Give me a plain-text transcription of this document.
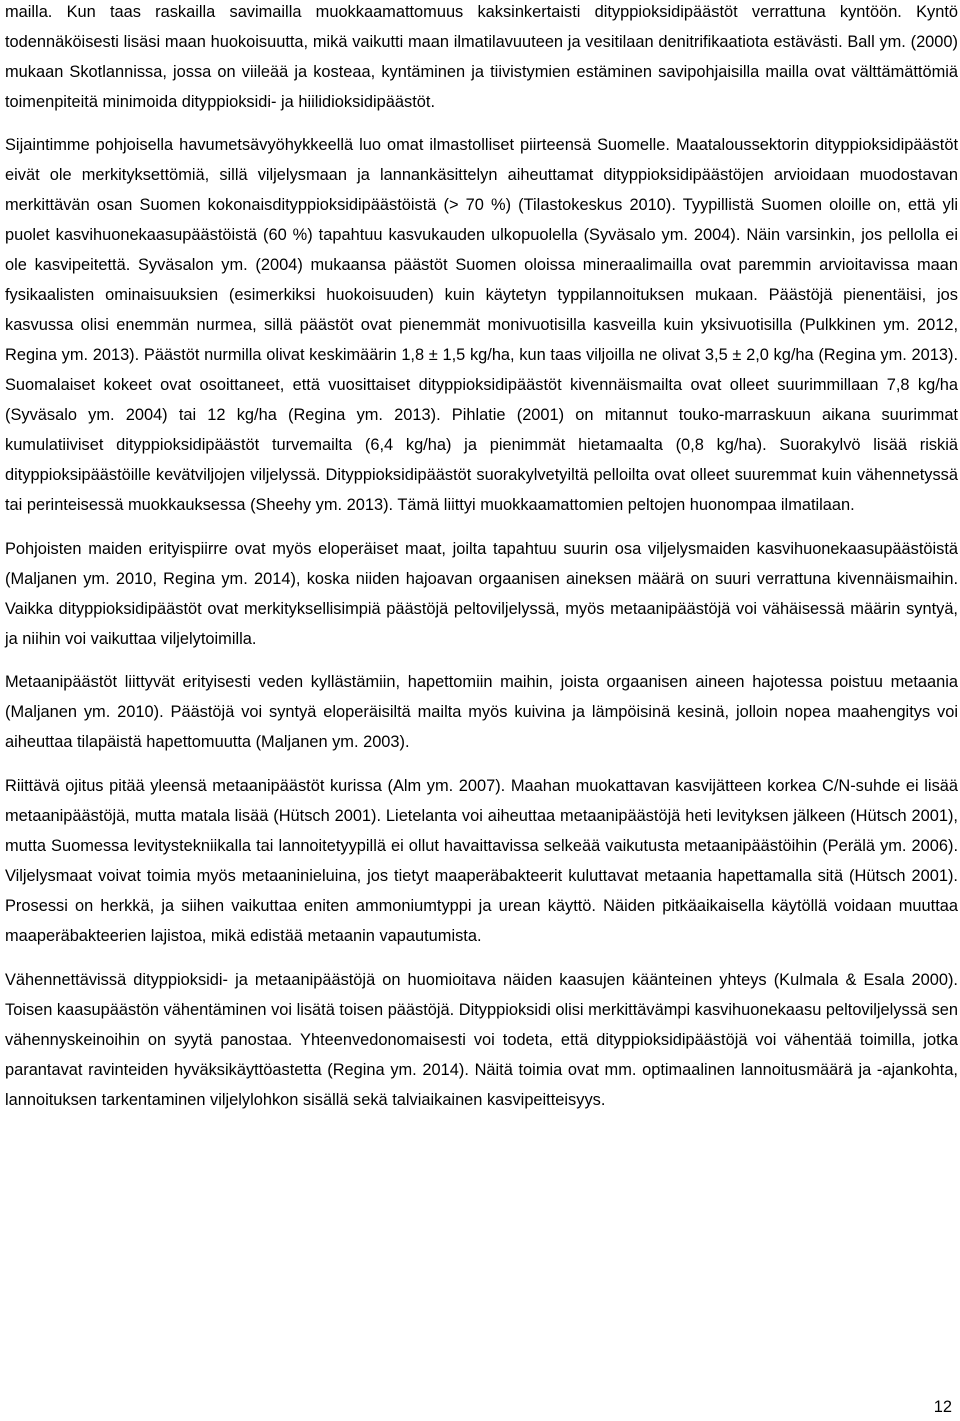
mailla. Kun taas raskailla savimailla muokkaamattomuus kaksinkertaisti dityppioksidipäästöt verrattuna kyntöön. Kyntö todennäköisesti lisäsi maan huokoisuutta, mikä vaikutti maan ilmatilavuuteen ja vesitilaan denitrifikaatiota estävästi. Ball ym. (2000) mukaan Skotlannissa, jossa on viileää ja kosteaa, kyntäminen ja tiivistymien estäminen savipohjaisilla mailla ovat välttämättömiä toimenpiteitä minimoida dityppioksidi- ja hiilidioksidipäästöt.

Sijaintimme pohjoisella havumetsävyöhykkeellä luo omat ilmastolliset piirteensä Suomelle. Maataloussektorin dityppioksidipäästöt eivät ole merkityksettömiä, sillä viljelysmaan ja lannankäsittelyn aiheuttamat dityppioksidipäästöjen arvioidaan muodostavan merkittävän osan Suomen kokonaisdityppioksidipäästöistä (> 70 %) (Tilastokeskus 2010). Tyypillistä Suomen oloille on, että yli puolet kasvihuonekaasupäästöistä (60 %) tapahtuu kasvukauden ulkopuolella (Syväsalo ym. 2004). Näin varsinkin, jos pellolla ei ole kasvipeitettä. Syväsalon ym. (2004) mukaansa päästöt Suomen oloissa mineraalimailla ovat paremmin arvioitavissa maan fysikaalisten ominaisuuksien (esimerkiksi huokoisuuden) kuin käytetyn typpilannoituksen mukaan. Päästöjä pienentäisi, jos kasvussa olisi enemmän nurmea, sillä päästöt ovat pienemmät monivuotisilla kasveilla kuin yksivuotisilla (Pulkkinen ym. 2012, Regina ym. 2013). Päästöt nurmilla olivat keskimäärin 1,8 ± 1,5 kg/ha, kun taas viljoilla ne olivat 3,5 ± 2,0 kg/ha (Regina ym. 2013). Suomalaiset kokeet ovat osoittaneet, että vuosittaiset dityppioksidipäästöt kivennäismailta ovat olleet suurimmillaan 7,8 kg/ha (Syväsalo ym. 2004) tai 12 kg/ha (Regina ym. 2013). Pihlatie (2001) on mitannut touko-marraskuun aikana suurimmat kumulatiiviset dityppioksidipäästöt turvemailta (6,4 kg/ha) ja pienimmät hietamaalta (0,8 kg/ha). Suorakylvö lisää riskiä dityppioksipäästöille kevätviljojen viljelyssä. Dityppioksidipäästöt suorakylvetyiltä pelloilta ovat olleet suuremmat kuin vähennetyssä tai perinteisessä muokkauksessa (Sheehy ym. 2013). Tämä liittyi muokkaamattomien peltojen huonompaa ilmatilaan.

Pohjoisten maiden erityispiirre ovat myös eloperäiset maat, joilta tapahtuu suurin osa viljelysmaiden kasvihuonekaasupäästöistä (Maljanen ym. 2010, Regina ym. 2014), koska niiden hajoavan orgaanisen aineksen määrä on suuri verrattuna kivennäismaihin. Vaikka dityppioksidipäästöt ovat merkityksellisimpiä päästöjä peltoviljelyssä, myös metaanipäästöjä voi vähäisessä määrin syntyä, ja niihin voi vaikuttaa viljelytoimilla.

Metaanipäästöt liittyvät erityisesti veden kyllästämiin, hapettomiin maihin, joista orgaanisen aineen hajotessa poistuu metaania (Maljanen ym. 2010). Päästöjä voi syntyä eloperäisiltä mailta myös kuivina ja lämpöisinä kesinä, jolloin nopea maahengitys voi aiheuttaa tilapäistä hapettomuutta (Maljanen ym. 2003).

Riittävä ojitus pitää yleensä metaanipäästöt kurissa (Alm ym. 2007). Maahan muokattavan kasvijätteen korkea C/N-suhde ei lisää metaanipäästöjä, mutta matala lisää (Hütsch 2001). Lietelanta voi aiheuttaa metaanipäästöjä heti levityksen jälkeen (Hütsch 2001), mutta Suomessa levitystekniikalla tai lannoitetyypillä ei ollut havaittavissa selkeää vaikutusta metaanipäästöihin (Perälä ym. 2006). Viljelysmaat voivat toimia myös metaaninieluina, jos tietyt maaperäbakteerit kuluttavat metaania hapettamalla sitä (Hütsch 2001). Prosessi on herkkä, ja siihen vaikuttaa eniten ammoniumtyppi ja urean käyttö. Näiden pitkäaikaisella käytöllä voidaan muuttaa maaperäbakteerien lajistoa, mikä edistää metaanin vapautumista.

Vähennettävissä dityppioksidi- ja metaanipäästöjä on huomioitava näiden kaasujen käänteinen yhteys (Kulmala & Esala 2000). Toisen kaasupäästön vähentäminen voi lisätä toisen päästöjä. Dityppioksidi olisi merkittävämpi kasvihuonekaasu peltoviljelyssä sen vähennyskeinoihin on syytä panostaa. Yhteenvedonomaisesti voi todeta, että dityppioksidipäästöjä voi vähentää toimilla, jotka parantavat ravinteiden hyväksikäyttöastetta (Regina ym. 2014). Näitä toimia ovat mm. optimaalinen lannoitusmäärä ja -ajankohta, lannoituksen tarkentaminen viljelylohkon sisällä sekä talviaikainen kasvipeitteisyys.

12
